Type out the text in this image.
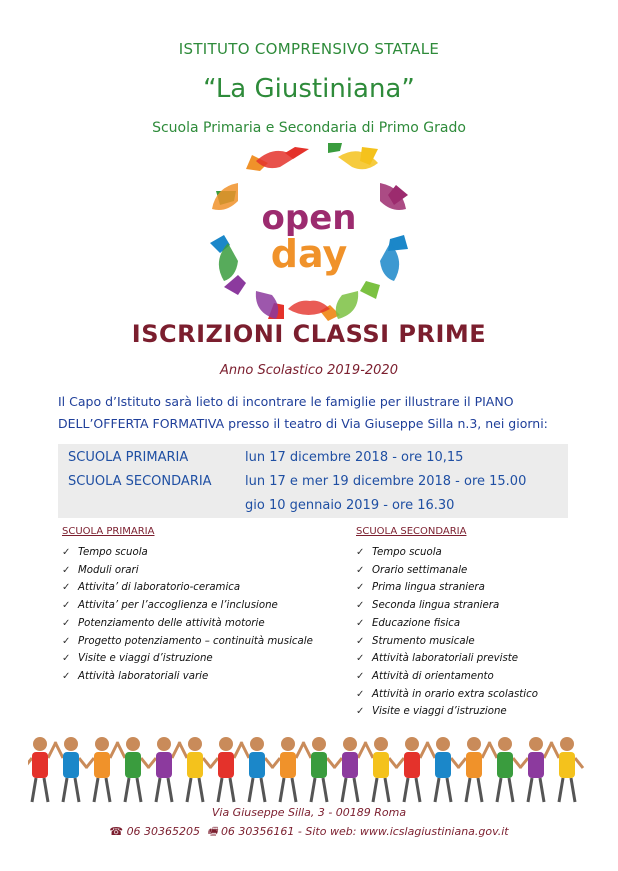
ISTITUTO COMPRENSIVO STATALE
“La Giustiniana”
Scuola Primaria e Secondaria di Primo Grado
open
day
ISCRIZIONI CLASSI PRIME
Anno Scolastico 2019-2020
Il Capo d’Istituto sarà lieto di incontrare le famiglie per illustrare il PIANO
DELL’OFFERTA FORMATIVA presso il teatro di Via Giuseppe Silla n.3, nei giorni:
SCUOLA PRIMARIA	lun 17 dicembre 2018 - ore 10,15
SCUOLA SECONDARIA	lun 17 e mer 19 dicembre 2018 - ore 15.00
gio 10 gennaio 2019 - ore 16.30
SCUOLA PRIMARIA
✓ Tempo scuola
✓ Moduli orari
✓ Attivita’ di laboratorio-ceramica
✓ Attivita’ per l’accoglienza e l’inclusione
✓ Potenziamento delle attività motorie
✓ Progetto potenziamento – continuità musicale
✓ Visite e viaggi d’istruzione
✓ Attività laboratoriali varie
SCUOLA SECONDARIA
✓ Tempo scuola
✓ Orario settimanale
✓ Prima lingua straniera
✓ Seconda lingua straniera
✓ Educazione fisica
✓ Strumento musicale
✓ Attività laboratoriali previste
✓ Attività di orientamento
✓ Attività in orario extra scolastico
✓ Visite e viaggi d’istruzione
Via Giuseppe Silla, 3 - 00189 Roma
☎ 06 30365205 🖷 06 30356161 - Sito web: www.icslagiustiniana.gov.it
